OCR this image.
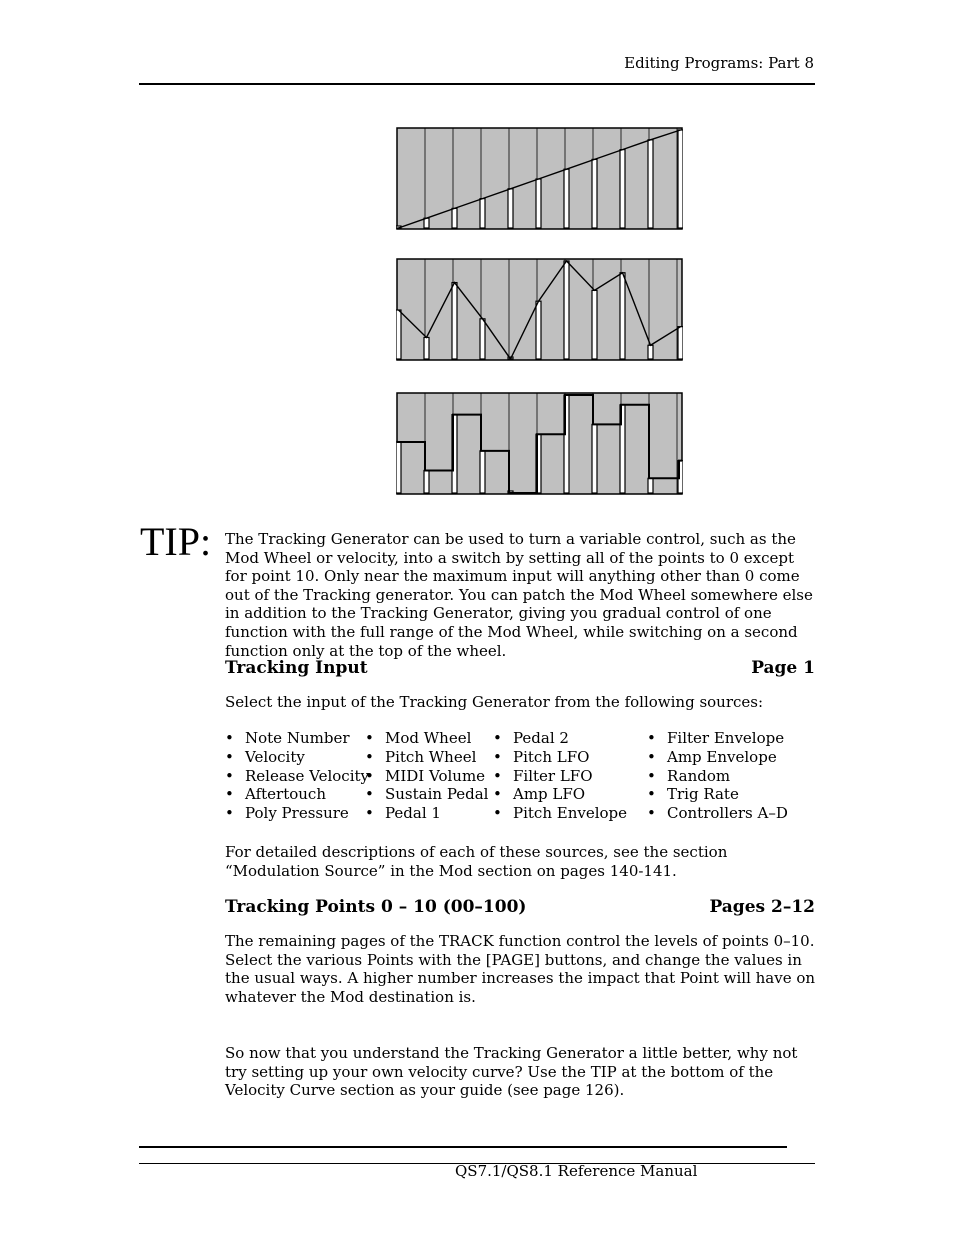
Editing Programs: Part 8
TIP: The Tracking Generator can be used to turn a variable control, such as the Mod Wheel or velocity, into a switch by setting all of the points to 0 except for point 10. Only near the maximum input will anything other than 0 come out of the Tracking generator. You can patch the Mod Wheel somewhere else in addition to the Tracking Generator, giving you gradual control of one function with the full range of the Mod Wheel, while switching on a second function only at the top of the wheel.
Tracking Input	Page 1
Select the input of the Tracking Generator from the following sources:
• Note Number
• Velocity
• Release Velocity
• Aftertouch
• Poly Pressure
• Mod Wheel
• Pitch Wheel
• MIDI Volume
• Sustain Pedal
• Pedal 1
• Pedal 2
• Pitch LFO
• Filter LFO
• Amp LFO
• Pitch Envelope
• Filter Envelope
• Amp Envelope
• Random
• Trig Rate
• Controllers A–D
For detailed descriptions of each of these sources, see the section “Modulation Source” in the Mod section on pages 140-141.
Tracking Points 0 – 10 (00–100)	Pages 2–12
The remaining pages of the TRACK function control the levels of points 0–10. Select the various Points with the [PAGE] buttons, and change the values in the usual ways. A higher number increases the impact that Point will have on whatever the Mod destination is.
So now that you understand the Tracking Generator a little better, why not try setting up your own velocity curve? Use the TIP at the bottom of the Velocity Curve section as your guide (see page 126).
QS7.1/QS8.1 Reference Manual
